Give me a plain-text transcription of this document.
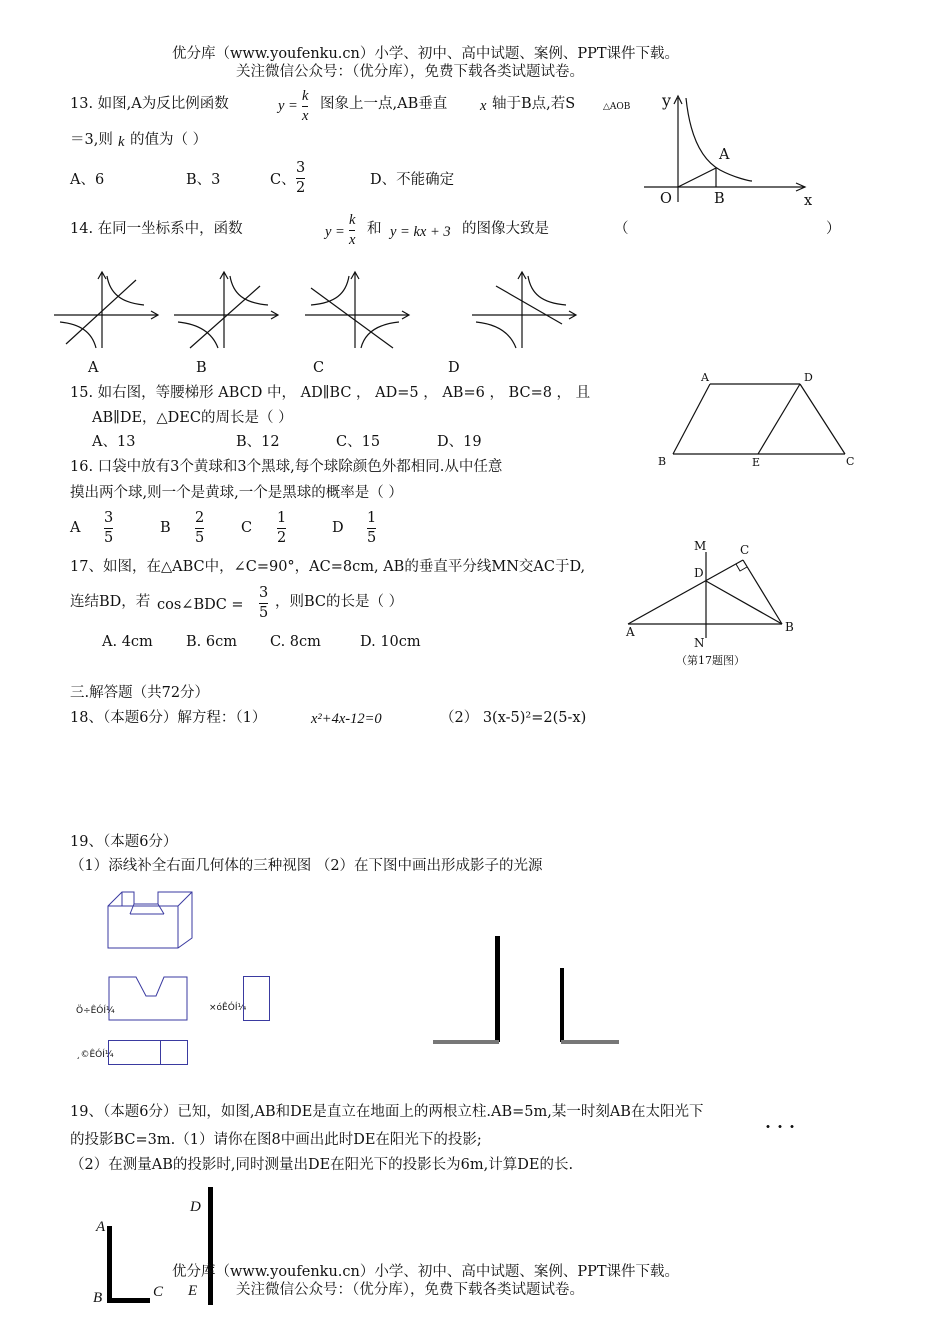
优分库（www.youfenku.cn）小学、初中、高中试题、案例、PPT课件下载。
关注微信公众号：（优分库），免费下载各类试题试卷。
13. 如图,A为反比例函数	y =
k
x
图象上一点,AB垂直 x 轴于B点,若S	△AOB
＝3,则 k 的值为（ ）
A、6	B、3	C、
3
2	D、不能确定
y
A
O	B	x
14. 在同一坐标系中，函数	y =
k
x
和 y = kx + 3 的图像大致是	（	）
A	B	C	D
15. 如右图，等腰梯形 ABCD 中， AD∥BC ， AD=5 ， AB=6 ， BC=8 ， 且
AB∥DE，△DEC的周长是（ ）
A、13	B、12	C、15	D、19
A	D
B	E	C
16. 口袋中放有3个黄球和3个黑球,每个球除颜色外都相同.从中任意
摸出两个球,则一个是黄球,一个是黑球的概率是（ ）
A
3
5
B
2
5
C
1
2
D
1
5
17、如图，在△ABC中，∠C=90°，AC=8cm, AB的垂直平分线MN交AC于D,
连结BD，若 cos∠BDC =
3
5
，则BC的长是（ ）
A. 4cm B. 6cm C. 8cm	D. 10cm
M	C
D
A
N
B
（第17题图）
三.解答题（共72分）
18、（本题6分）解方程：（1）	x²+4x-12=0	（2） 3(x-5)²=2(5-x)
19、（本题6分）
（1）添线补全右面几何体的三种视图 （2）在下图中画出形成影子的光源
Ö÷ÊÓÍ¼	×óÊÓÍ¼
¸©ÊÓÍ¼
19、（本题6分）已知，如图,AB和DE是直立在地面上的两根立柱.AB=5m,某一时刻AB在太阳光下
的投影BC=3m.（1）请你在图8中画出此时DE在阳光下的投影;
（2）在测量AB的投影时,同时测量出DE在阳光下的投影长为6m,计算DE的长.
D
A
B	C E
优分库（www.youfenku.cn）小学、初中、高中试题、案例、PPT课件下载。
关注微信公众号：（优分库），免费下载各类试题试卷。
